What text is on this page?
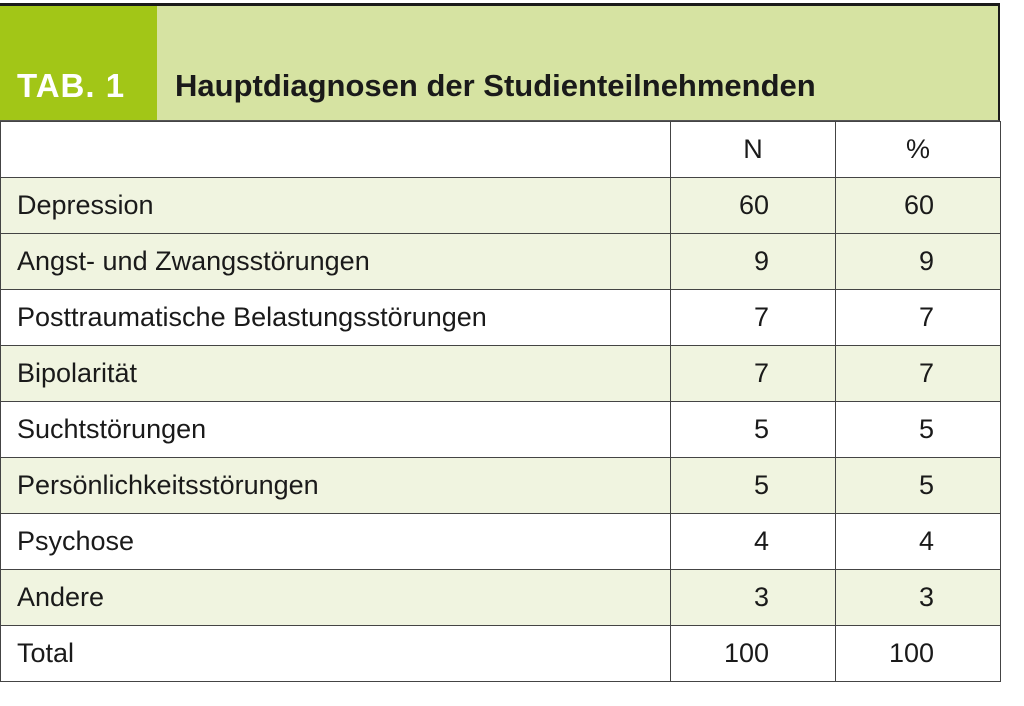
TAB. 1	Hauptdiagnosen der Studienteilnehmenden
	N	%
Depression	60	60
Angst- und Zwangsstörungen	9	9
Posttraumatische Belastungsstörungen	7	7
Bipolarität	7	7
Suchtstörungen	5	5
Persönlichkeitsstörungen	5	5
Psychose	4	4
Andere	3	3
Total	100	100
